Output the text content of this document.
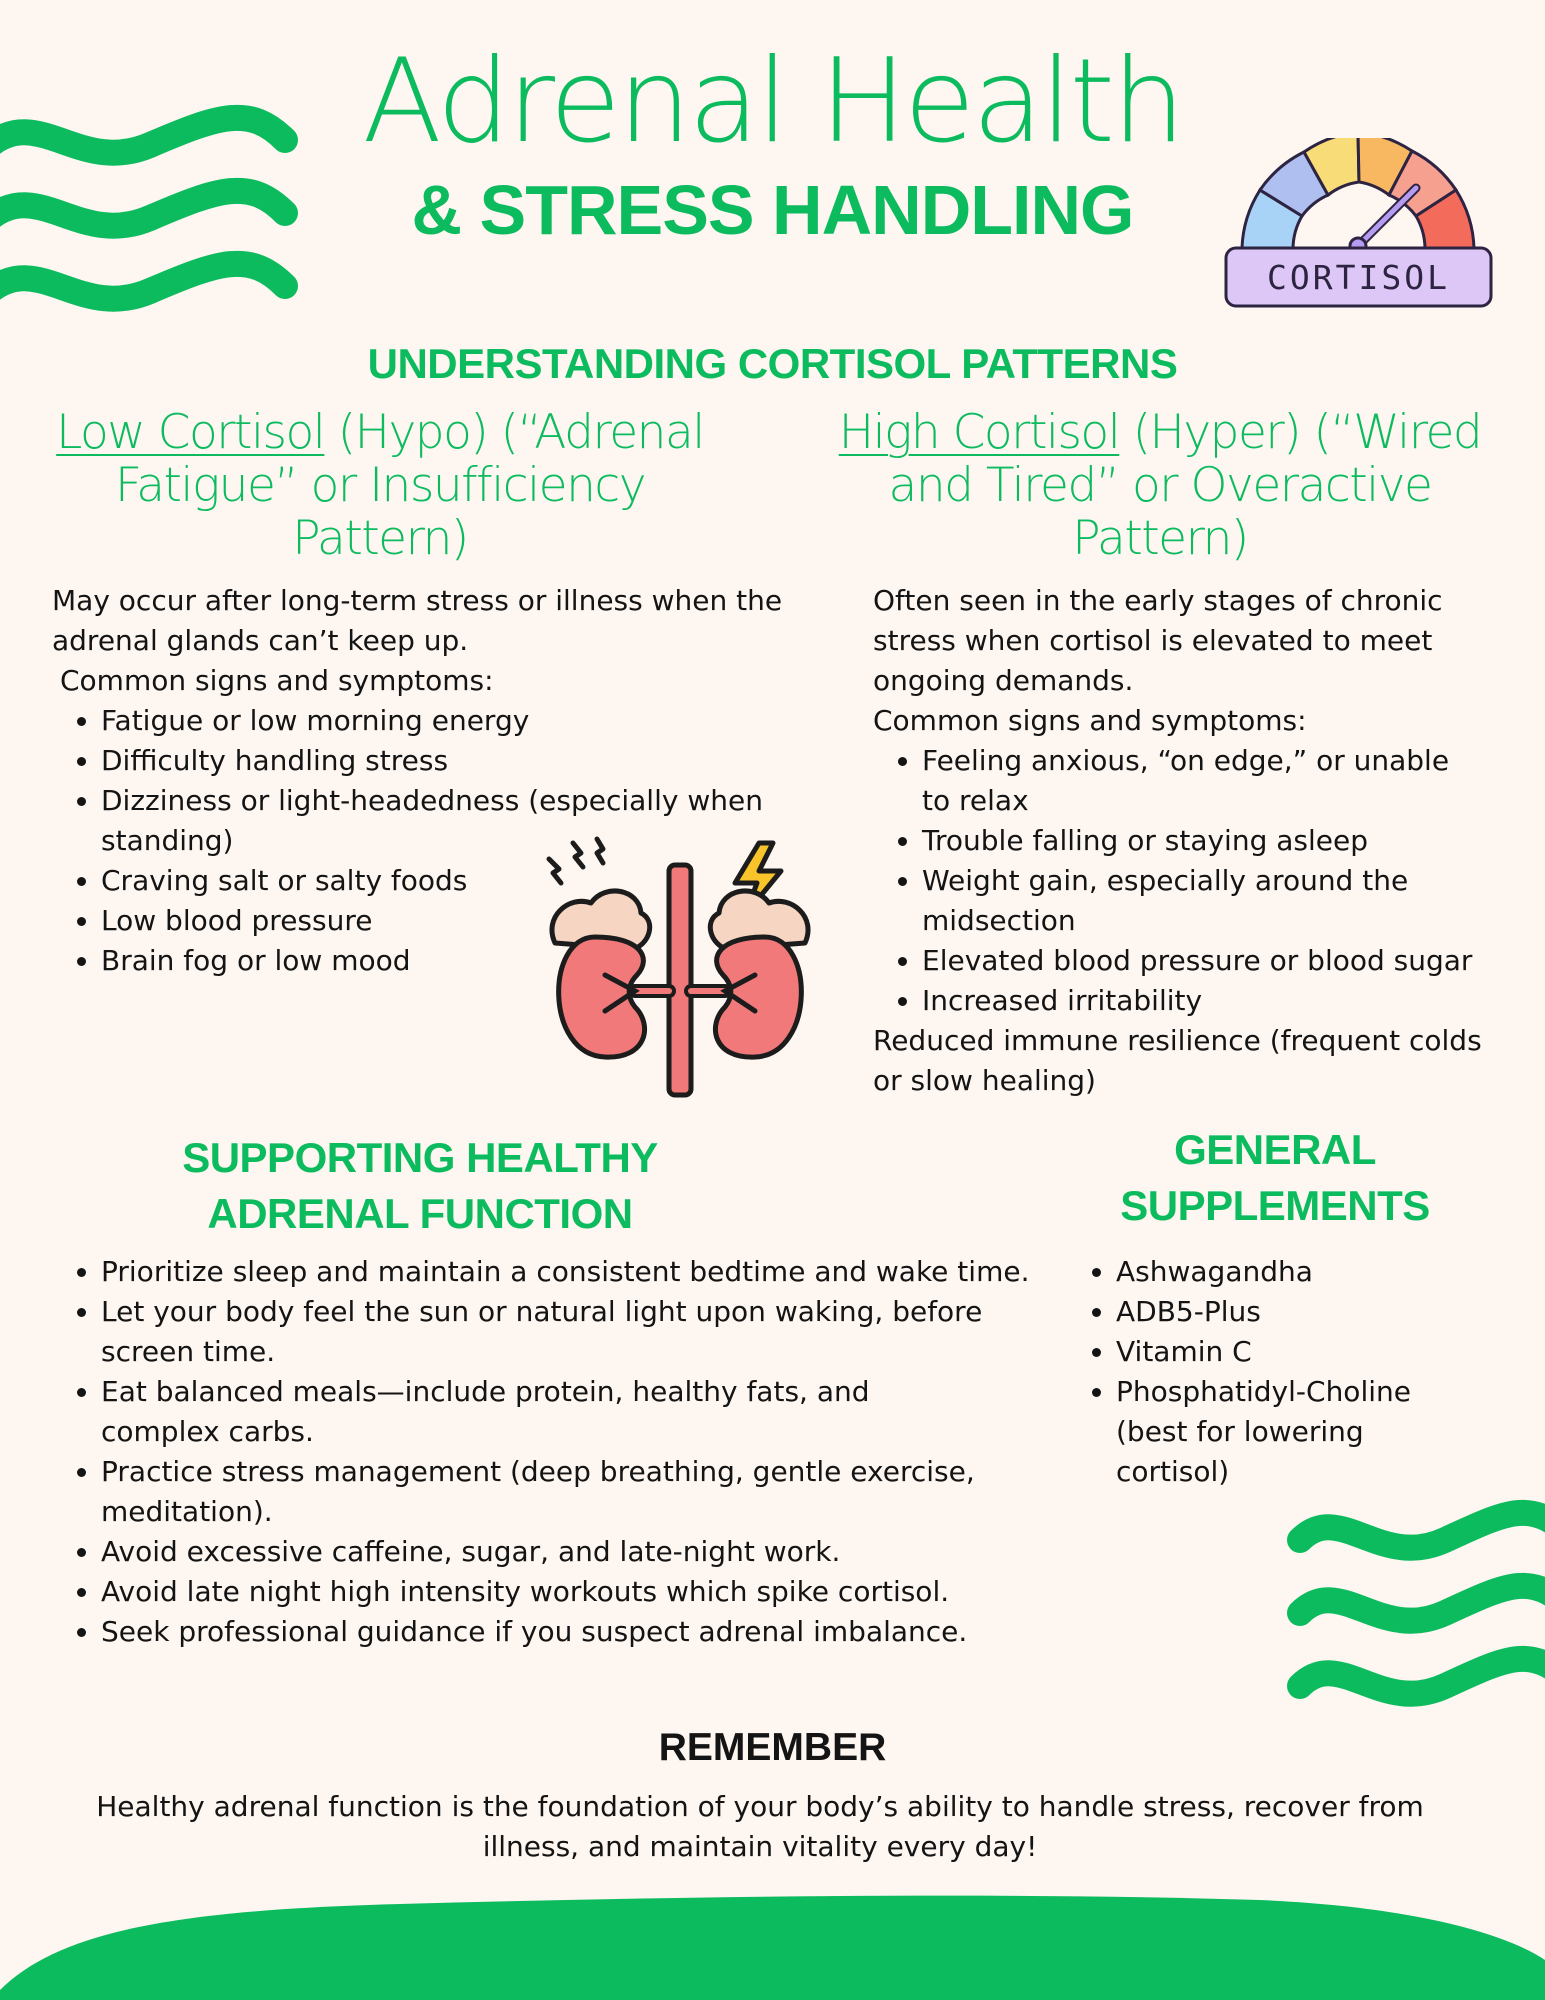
Adrenal Health
& STRESS HANDLING
CORTISOL
UNDERSTANDING CORTISOL PATTERNS
Low Cortisol (Hypo) (“Adrenal Fatigue” or Insufficiency Pattern)
May occur after long-term stress or illness when the adrenal glands can’t keep up.
Common signs and symptoms:
• Fatigue or low morning energy
• Difficulty handling stress
• Dizziness or light-headedness (especially when standing)
• Craving salt or salty foods
• Low blood pressure
• Brain fog or low mood
High Cortisol (Hyper) (“Wired and Tired” or Overactive Pattern)
Often seen in the early stages of chronic stress when cortisol is elevated to meet ongoing demands.
Common signs and symptoms:
• Feeling anxious, “on edge,” or unable to relax
• Trouble falling or staying asleep
• Weight gain, especially around the midsection
• Elevated blood pressure or blood sugar
• Increased irritability
Reduced immune resilience (frequent colds or slow healing)
SUPPORTING HEALTHY
ADRENAL FUNCTION
• Prioritize sleep and maintain a consistent bedtime and wake time.
• Let your body feel the sun or natural light upon waking, before screen time.
• Eat balanced meals—include protein, healthy fats, and complex carbs.
• Practice stress management (deep breathing, gentle exercise, meditation).
• Avoid excessive caffeine, sugar, and late-night work.
• Avoid late night high intensity workouts which spike cortisol.
• Seek professional guidance if you suspect adrenal imbalance.
GENERAL
SUPPLEMENTS
• Ashwagandha
• ADB5-Plus
• Vitamin C
• Phosphatidyl-Choline (best for lowering cortisol)
REMEMBER
Healthy adrenal function is the foundation of your body’s ability to handle stress, recover from illness, and maintain vitality every day!
